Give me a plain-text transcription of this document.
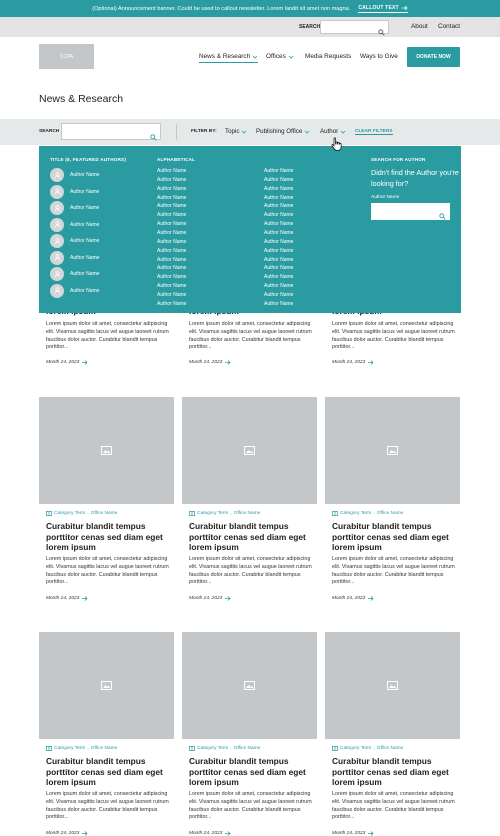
(Optional) Announcement banner. Could be used to callout newsletter. Lorem landit sit amet non magna. CALLOUT TEXT
SEARCH	About Contact
CCPA	News & Research Offices	Media Requests Ways to Give	DONATE NOW
News & Research
SEARCH	FILTER BY: Topic	Publishing Office	Author	CLEAR FILTERS
Lorem ipsum dolor sit amet, consectetur adipiscing elit. Vivamus sagittis lacus vel augue laoreet rutrum faucibus dolor auctor. Curabitur blandit tempus porttitor...
Month 24, 2023
Lorem ipsum dolor sit amet, consectetur adipiscing elit. Vivamus sagittis lacus vel augue laoreet rutrum faucibus dolor auctor. Curabitur blandit tempus porttitor...
Month 24, 2023
Lorem ipsum dolor sit amet, consectetur adipiscing elit. Vivamus sagittis lacus vel augue laoreet rutrum faucibus dolor auctor. Curabitur blandit tempus porttitor...
Month 24, 2023
Category Term , Office Name
Curabitur blandit tempus porttitor cenas sed diam eget lorem ipsum
Lorem ipsum dolor sit amet, consectetur adipiscing elit. Vivamus sagittis lacus vel augue laoreet rutrum faucibus dolor auctor. Curabitur blandit tempus porttitor...
Month 24, 2023
Category Term , Office Name
Curabitur blandit tempus porttitor cenas sed diam eget lorem ipsum
Lorem ipsum dolor sit amet, consectetur adipiscing elit. Vivamus sagittis lacus vel augue laoreet rutrum faucibus dolor auctor. Curabitur blandit tempus porttitor...
Month 24, 2023
Category Term , Office Name
Curabitur blandit tempus porttitor cenas sed diam eget lorem ipsum
Lorem ipsum dolor sit amet, consectetur adipiscing elit. Vivamus sagittis lacus vel augue laoreet rutrum faucibus dolor auctor. Curabitur blandit tempus porttitor...
Month 24, 2023
Category Term , Office Name
Curabitur blandit tempus porttitor cenas sed diam eget lorem ipsum
Lorem ipsum dolor sit amet, consectetur adipiscing elit. Vivamus sagittis lacus vel augue laoreet rutrum faucibus dolor auctor. Curabitur blandit tempus porttitor...
Month 24, 2023
Category Term , Office Name
Curabitur blandit tempus porttitor cenas sed diam eget lorem ipsum
Lorem ipsum dolor sit amet, consectetur adipiscing elit. Vivamus sagittis lacus vel augue laoreet rutrum faucibus dolor auctor. Curabitur blandit tempus porttitor...
Month 24, 2023
Category Term , Office Name
Curabitur blandit tempus porttitor cenas sed diam eget lorem ipsum
Lorem ipsum dolor sit amet, consectetur adipiscing elit. Vivamus sagittis lacus vel augue laoreet rutrum faucibus dolor auctor. Curabitur blandit tempus porttitor...
Month 24, 2023
TITLE (8, FEATURED AUTHORS)	ALPHABETICAL	SEARCH FOR AUTHOR
Author Name
Author Name
Author Name
Author Name
Author Name
Author Name
Author Name
Author Name
Author Name
Author Name
Author Name
Author Name
Author Name
Author Name
Author Name
Author Name
Author Name
Author Name
Author Name
Author Name
Author Name
Author Name
Author Name
Author Name
Author Name
Author Name
Author Name
Author Name
Author Name
Author Name
Author Name
Author Name
Author Name
Author Name
Author Name
Author Name
Author Name
Author Name
Author Name
Author Name
Didn't find the Author you're looking for?
Author Name
